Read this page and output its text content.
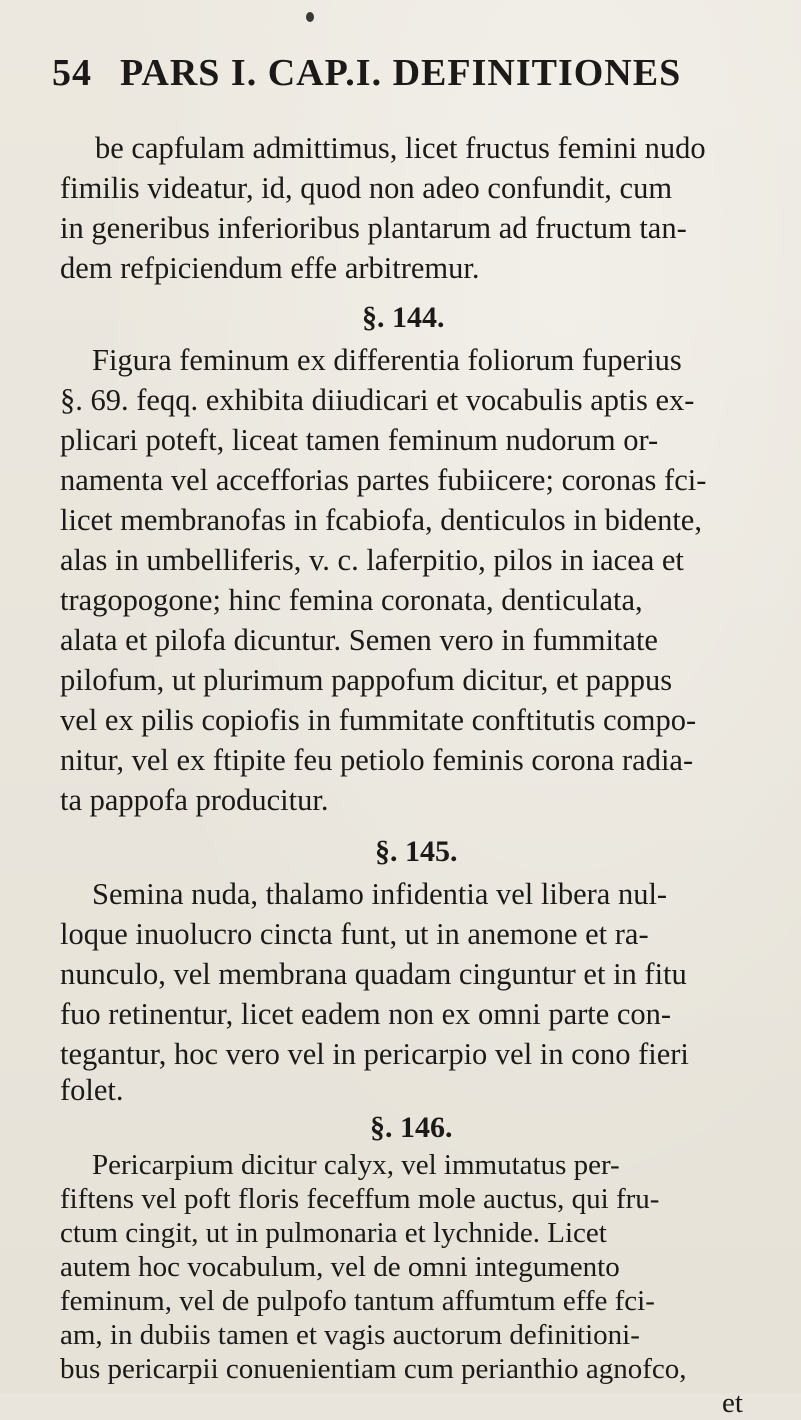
54 PARS I. CAP.I. DEFINITIONES
be capfulam admittimus, licet fructus femini nudo
fimilis videatur, id, quod non adeo confundit, cum
in generibus inferioribus plantarum ad fructum tan-
dem refpiciendum effe arbitremur.
§. 144.
Figura feminum ex differentia foliorum fuperius
§. 69. feqq. exhibita diiudicari et vocabulis aptis ex-
plicari poteft, liceat tamen feminum nudorum or-
namenta vel accefforias partes fubiicere; coronas fci-
licet membranofas in fcabiofa, denticulos in bidente,
alas in umbelliferis, v. c. laferpitio, pilos in iacea et
tragopogone; hinc femina coronata, denticulata,
alata et pilofa dicuntur. Semen vero in fummitate
pilofum, ut plurimum pappofum dicitur, et pappus
vel ex pilis copiofis in fummitate conftitutis compo-
nitur, vel ex ftipite feu petiolo feminis corona radia-
ta pappofa producitur.
§. 145.
Semina nuda, thalamo infidentia vel libera nul-
loque inuolucro cincta funt, ut in anemone et ra-
nunculo, vel membrana quadam cinguntur et in fitu
fuo retinentur, licet eadem non ex omni parte con-
tegantur, hoc vero vel in pericarpio vel in cono fieri
folet.
§. 146.
Pericarpium dicitur calyx, vel immutatus per-
fiftens vel poft floris feceffum mole auctus, qui fru-
ctum cingit, ut in pulmonaria et lychnide. Licet
autem hoc vocabulum, vel de omni integumento
feminum, vel de pulpofo tantum affumtum effe fci-
am, in dubiis tamen et vagis auctorum definitioni-
bus pericarpii conuenientiam cum perianthio agnofco,
et
